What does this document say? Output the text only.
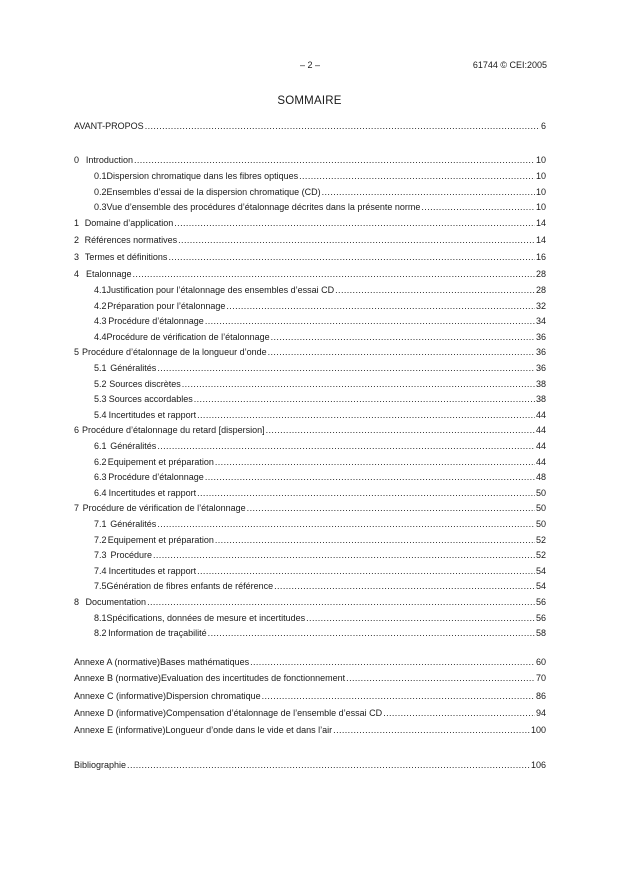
– 2 –	61744 © CEI:2005
SOMMAIRE
AVANT-PROPOS .....	6
0 Introduction .....	10
0.1 Dispersion chromatique dans les fibres optiques .....	10
0.2 Ensembles d’essai de la dispersion chromatique (CD) .....	10
0.3 Vue d’ensemble des procédures d’étalonnage décrites dans la présente norme .....	10
1 Domaine d’application .....	14
2 Références normatives .....	14
3 Termes et définitions .....	16
4 Etalonnage .....	28
4.1 Justification pour l’étalonnage des ensembles d’essai CD .....	28
4.2 Préparation pour l’étalonnage .....	32
4.3 Procédure d’étalonnage .....	34
4.4 Procédure de vérification de l’étalonnage .....	36
5 Procédure d’étalonnage de la longueur d’onde .....	36
5.1 Généralités .....	36
5.2 Sources discrètes .....	38
5.3 Sources accordables .....	38
5.4 Incertitudes et rapport .....	44
6 Procédure d’étalonnage du retard [dispersion] .....	44
6.1 Généralités .....	44
6.2 Equipement et préparation .....	44
6.3 Procédure d’étalonnage .....	48
6.4 Incertitudes et rapport .....	50
7 Procédure de vérification de l’étalonnage .....	50
7.1 Généralités .....	50
7.2 Equipement et préparation .....	52
7.3 Procédure .....	52
7.4 Incertitudes et rapport .....	54
7.5 Génération de fibres enfants de référence .....	54
8 Documentation .....	56
8.1 Spécifications, données de mesure et incertitudes .....	56
8.2 Information de traçabilité .....	58
Annexe A (normative) Bases mathématiques .....	60
Annexe B (normative) Evaluation des incertitudes de fonctionnement .....	70
Annexe C (informative) Dispersion chromatique .....	86
Annexe D (informative) Compensation d’étalonnage de l’ensemble d’essai CD .....	94
Annexe E (informative) Longueur d’onde dans le vide et dans l’air .....	100
Bibliographie .....	106
